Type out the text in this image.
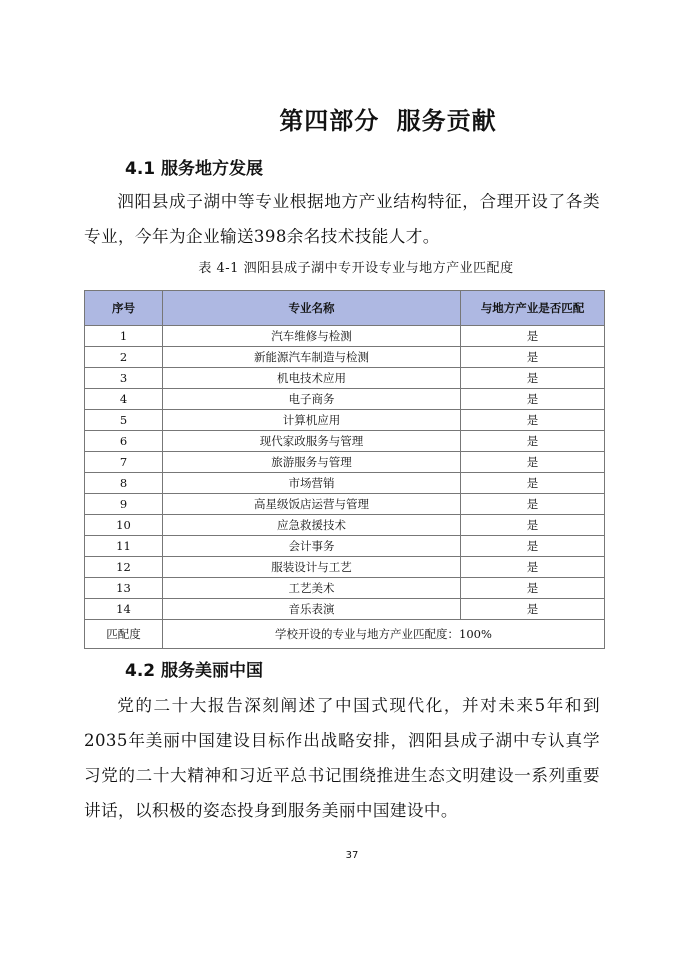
第四部分 服务贡献
4.1 服务地方发展
泗阳县成子湖中等专业根据地方产业结构特征，合理开设了各类专业，今年为企业输送398余名技术技能人才。
表 4-1 泗阳县成子湖中专开设专业与地方产业匹配度
序号	专业名称	与地方产业是否匹配
1	汽车维修与检测	是
2	新能源汽车制造与检测	是
3	机电技术应用	是
4	电子商务	是
5	计算机应用	是
6	现代家政服务与管理	是
7	旅游服务与管理	是
8	市场营销	是
9	高星级饭店运营与管理	是
10	应急救援技术	是
11	会计事务	是
12	服装设计与工艺	是
13	工艺美术	是
14	音乐表演	是
匹配度	学校开设的专业与地方产业匹配度：100%	
4.2 服务美丽中国
党的二十大报告深刻阐述了中国式现代化，并对未来5年和到2035年美丽中国建设目标作出战略安排，泗阳县成子湖中专认真学习党的二十大精神和习近平总书记围绕推进生态文明建设一系列重要讲话，以积极的姿态投身到服务美丽中国建设中。
37
